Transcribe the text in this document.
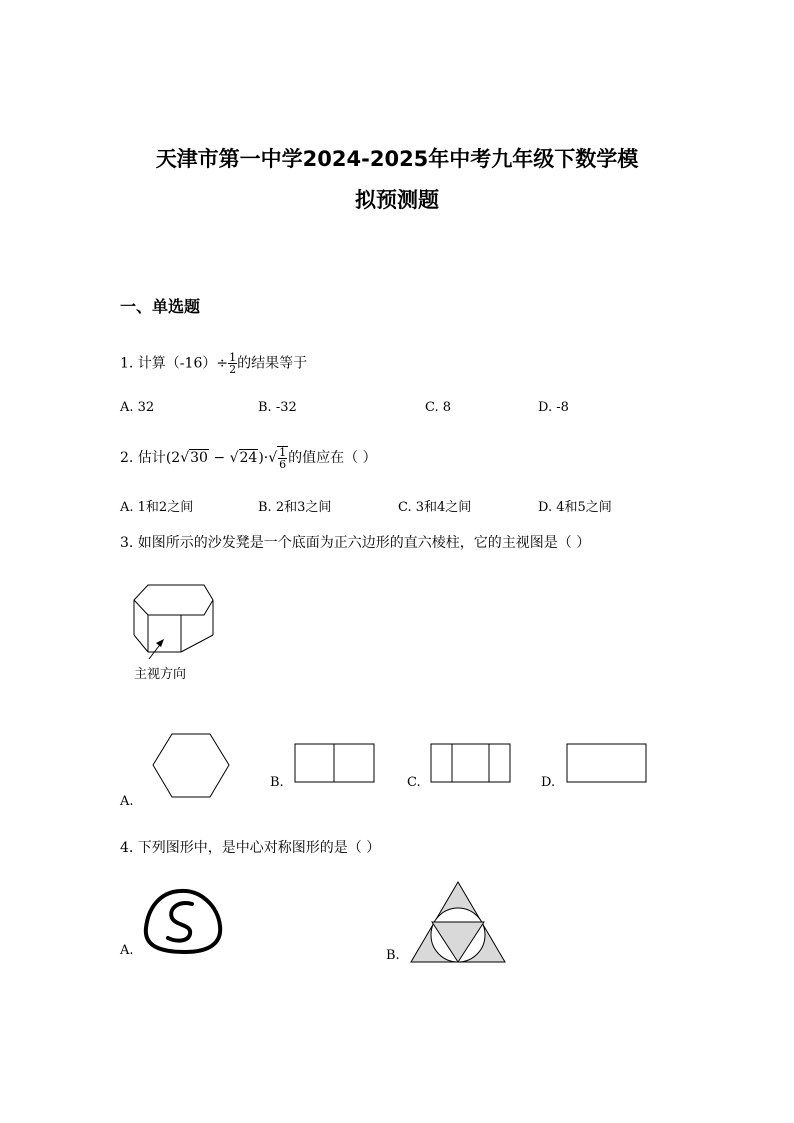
天津市第一中学2024-2025年中考九年级下数学模
拟预测题
一、单选题
1. 计算$(-16)\div \frac{1}{2}$ 的结果等于
A. 32	B. -32	C. 8	D. -8
2. 估计$(2√30 - √24)\cdot√ \frac{1}{6}$ 的值应在（ ）
A. 1和2之间	B. 2和3之间	C. 3和4之间	D. 4和5之间
3. 如图所示的沙发凳是一个底面为正六边形的直六棱柱，它的主视图是（ ）
主视方向
A.
B.	C.	D.
4. 下列图形中，是中心对称图形的是（ ）
A.	B.
